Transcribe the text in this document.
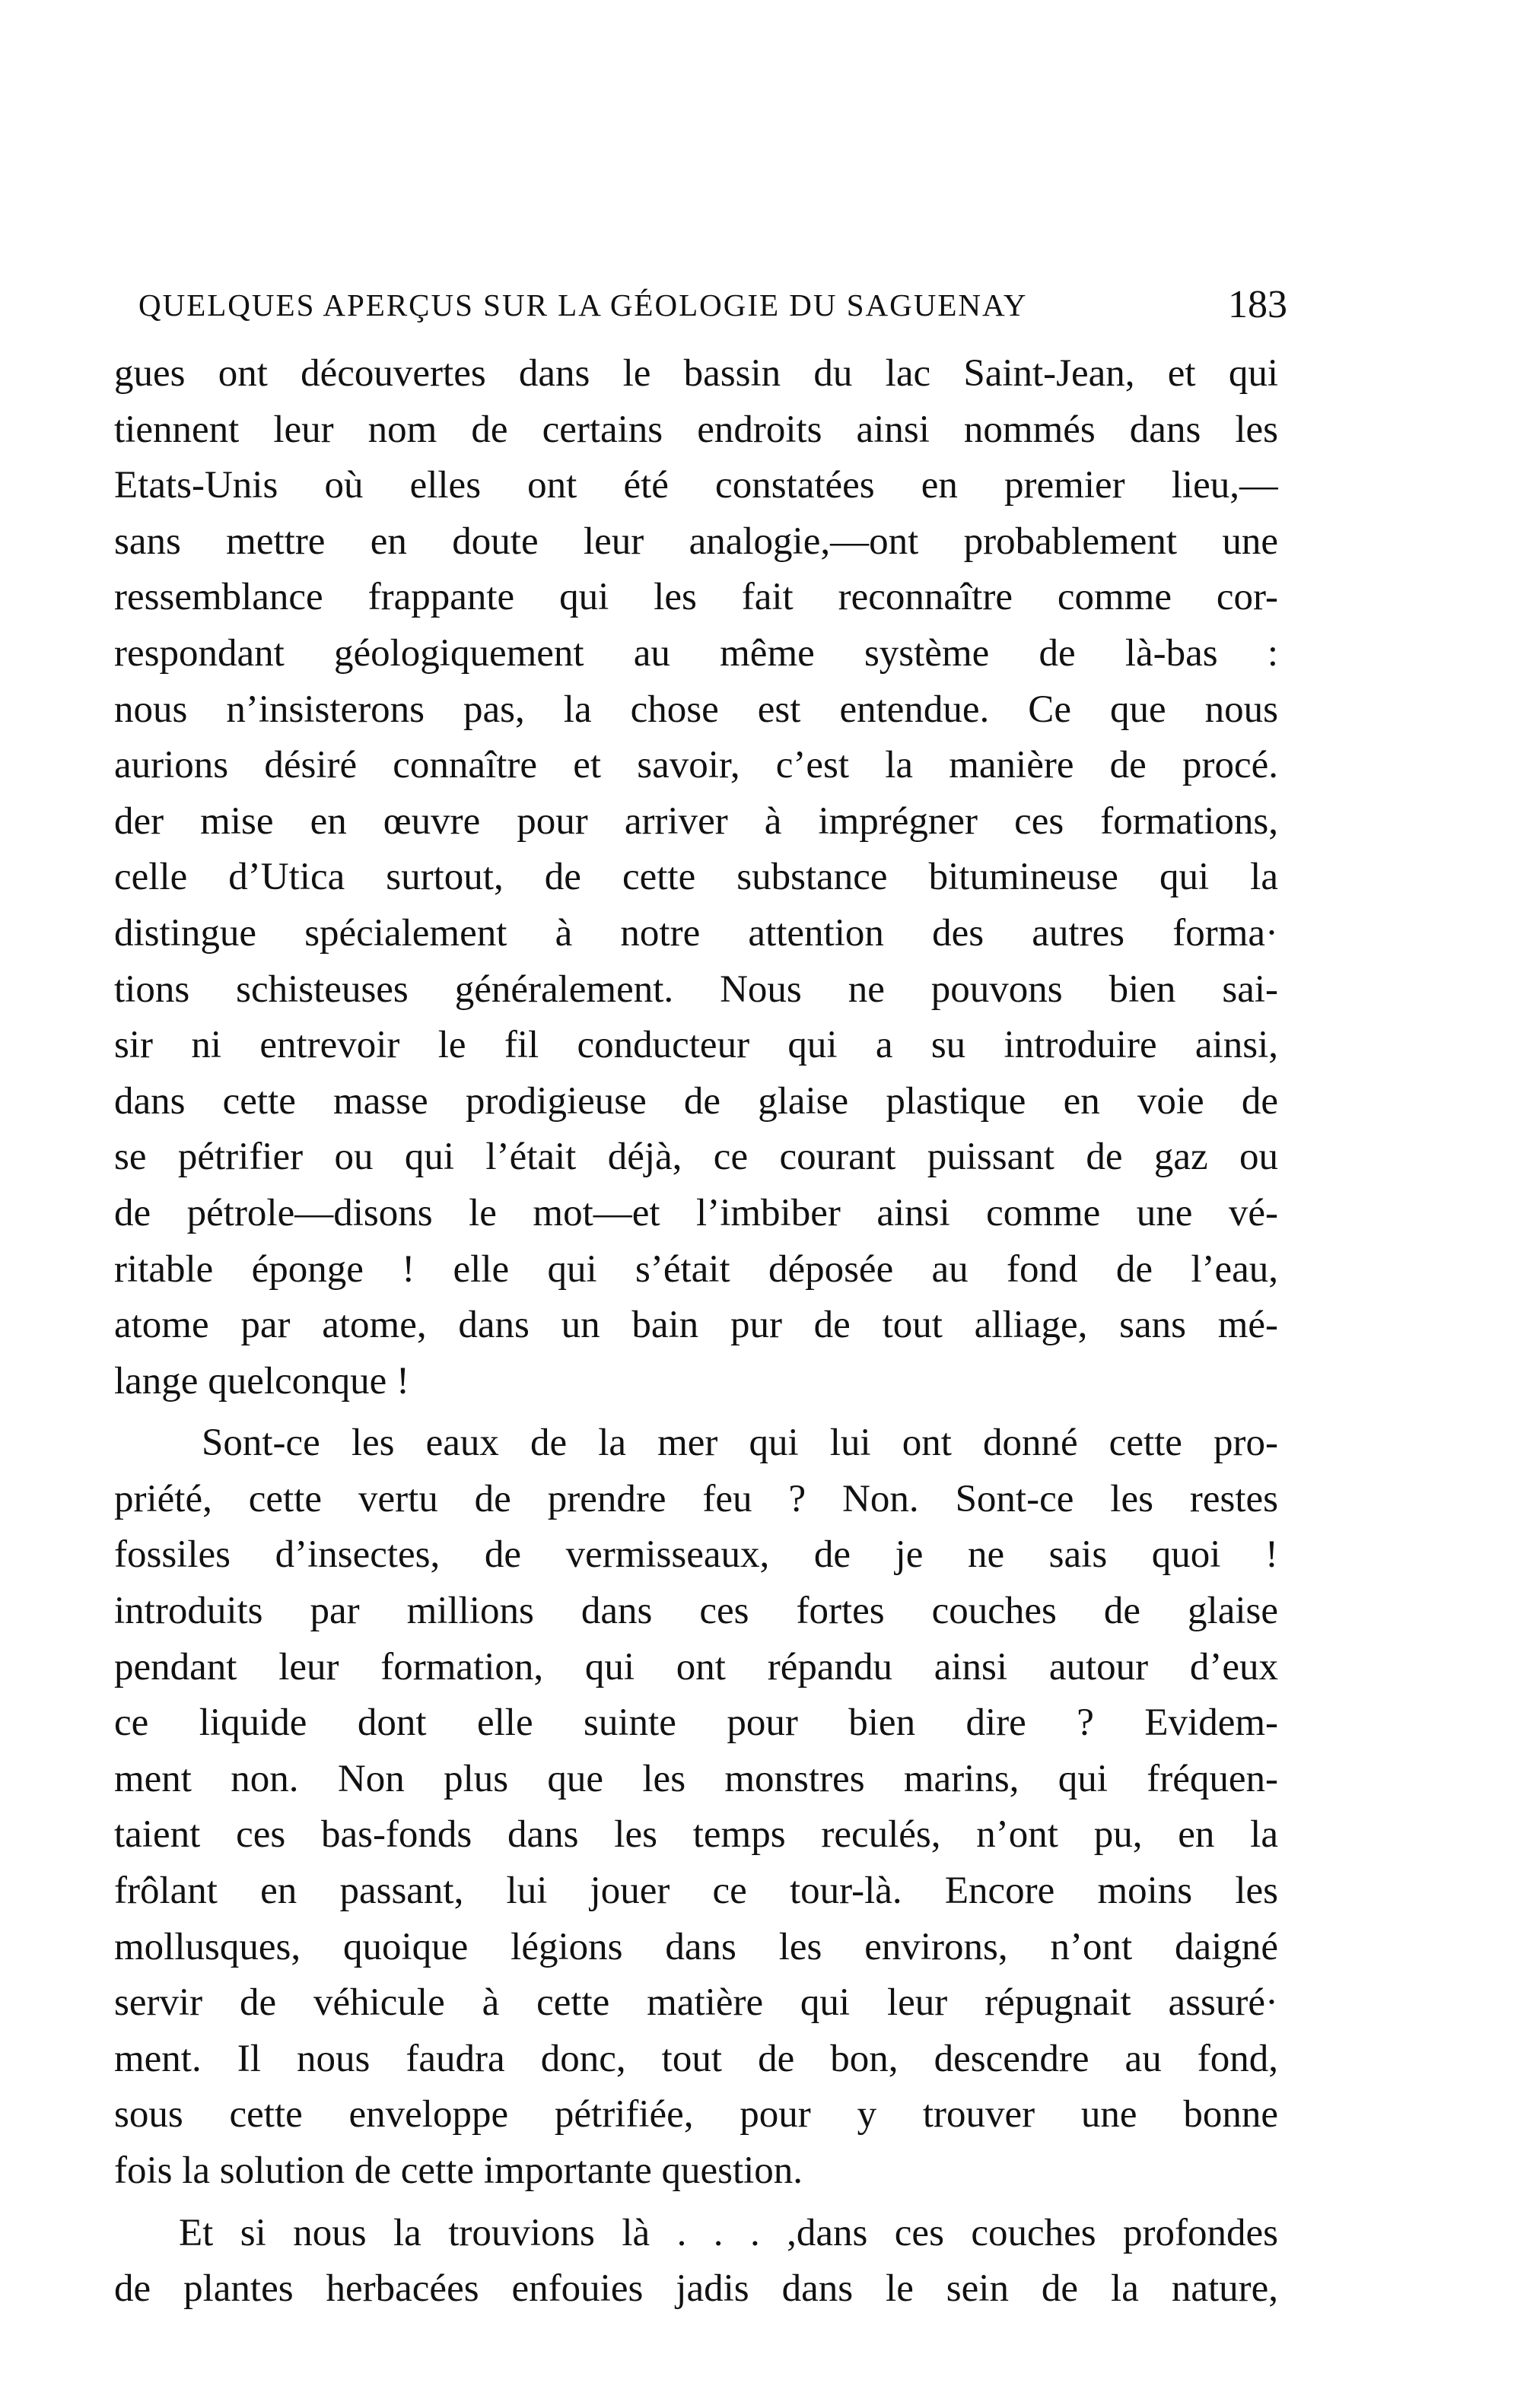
QUELQUES APERÇUS SUR LA GÉOLOGIE DU SAGUENAY	183
gues ont découvertes dans le bassin du lac Saint-Jean, et qui
tiennent leur nom de certains endroits ainsi nommés dans les
Etats-Unis où elles ont été constatées en premier lieu,—
sans mettre en doute leur analogie,—ont probablement une
ressemblance frappante qui les fait reconnaître comme cor-
respondant géologiquement au même système de là-bas :
nous n’insisterons pas, la chose est entendue. Ce que nous
aurions désiré connaître et savoir, c’est la manière de procé.
der mise en œuvre pour arriver à imprégner ces formations,
celle d’Utica surtout, de cette substance bitumineuse qui la
distingue spécialement à notre attention des autres forma·
tions schisteuses généralement. Nous ne pouvons bien sai-
sir ni entrevoir le fil conducteur qui a su introduire ainsi,
dans cette masse prodigieuse de glaise plastique en voie de
se pétrifier ou qui l’était déjà, ce courant puissant de gaz ou
de pétrole—disons le mot—et l’imbiber ainsi comme une vé-
ritable éponge ! elle qui s’était déposée au fond de l’eau,
atome par atome, dans un bain pur de tout alliage, sans mé-
lange quelconque !
Sont-ce les eaux de la mer qui lui ont donné cette pro-
priété, cette vertu de prendre feu ? Non. Sont-ce les restes
fossiles d’insectes, de vermisseaux, de je ne sais quoi !
introduits par millions dans ces fortes couches de glaise
pendant leur formation, qui ont répandu ainsi autour d’eux
ce liquide dont elle suinte pour bien dire ? Evidem-
ment non. Non plus que les monstres marins, qui fréquen-
taient ces bas-fonds dans les temps reculés, n’ont pu, en la
frôlant en passant, lui jouer ce tour-là. Encore moins les
mollusques, quoique légions dans les environs, n’ont daigné
servir de véhicule à cette matière qui leur répugnait assuré·
ment. Il nous faudra donc, tout de bon, descendre au fond,
sous cette enveloppe pétrifiée, pour y trouver une bonne
fois la solution de cette importante question.
Et si nous la trouvions là . . . ,dans ces couches profondes
de plantes herbacées enfouies jadis dans le sein de la nature,
